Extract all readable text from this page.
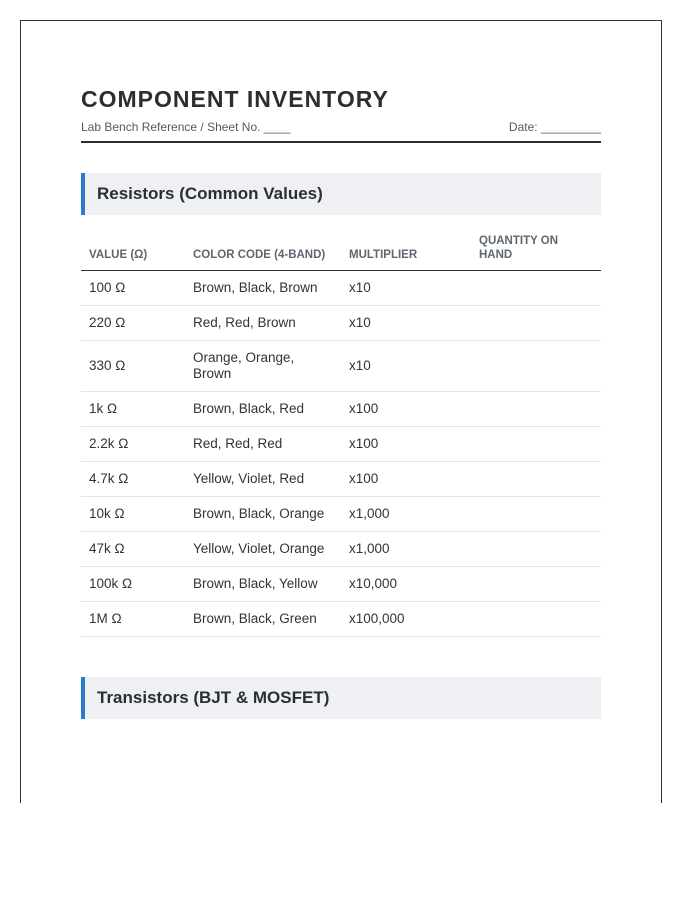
COMPONENT INVENTORY
Lab Bench Reference / Sheet No. ____	Date: _________
Resistors (Common Values)
VALUE (Ω)	COLOR CODE (4-BAND)	MULTIPLIER	QUANTITY ON HAND
100 Ω	Brown, Black, Brown	x10	
220 Ω	Red, Red, Brown	x10	
330 Ω	Orange, Orange, Brown	x10	
1k Ω	Brown, Black, Red	x100	
2.2k Ω	Red, Red, Red	x100	
4.7k Ω	Yellow, Violet, Red	x100	
10k Ω	Brown, Black, Orange	x1,000	
47k Ω	Yellow, Violet, Orange	x1,000	
100k Ω	Brown, Black, Yellow	x10,000	
1M Ω	Brown, Black, Green	x100,000	
Transistors (BJT & MOSFET)
